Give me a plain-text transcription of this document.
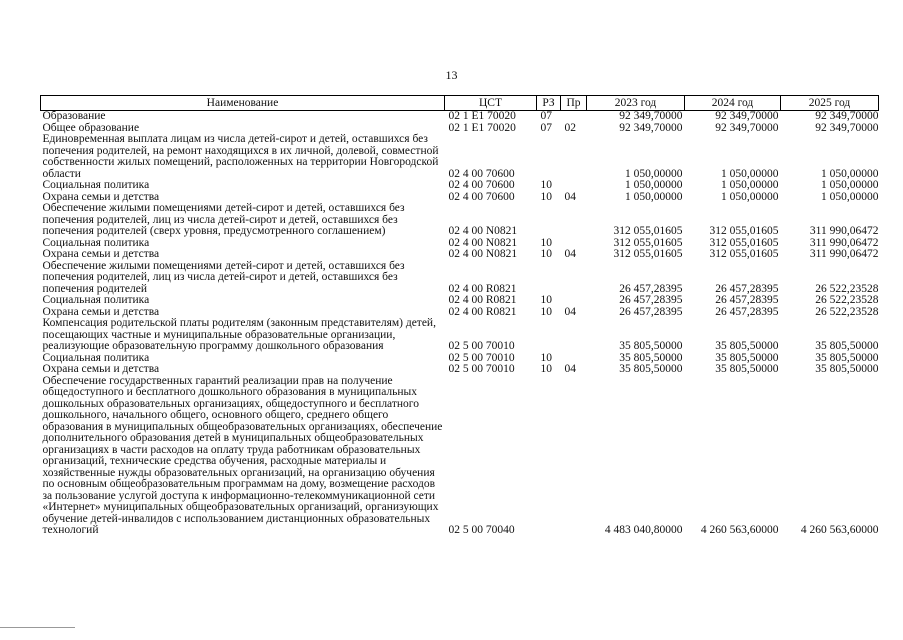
13
Наименование	ЦСТ	РЗ	Пр	2023 год	2024 год	2025 год
Образование	02 1 E1 70020	07		92 349,70000	92 349,70000	92 349,70000
Общее образование	02 1 E1 70020	07	02	92 349,70000	92 349,70000	92 349,70000
Единовременная выплата лицам из числа детей-сирот и детей, оставшихся без попечения родителей, на ремонт находящихся в их личной, долевой, совместной собственности жилых помещений, расположенных на территории Новгородской области	02 4 00 70600			1 050,00000	1 050,00000	1 050,00000
Социальная политика	02 4 00 70600	10		1 050,00000	1 050,00000	1 050,00000
Охрана семьи и детства	02 4 00 70600	10	04	1 050,00000	1 050,00000	1 050,00000
Обеспечение жилыми помещениями детей-сирот и детей, оставшихся без попечения родителей, лиц из числа детей-сирот и детей, оставшихся без попечения родителей (сверх уровня, предусмотренного соглашением)	02 4 00 N0821			312 055,01605	312 055,01605	311 990,06472
Социальная политика	02 4 00 N0821	10		312 055,01605	312 055,01605	311 990,06472
Охрана семьи и детства	02 4 00 N0821	10	04	312 055,01605	312 055,01605	311 990,06472
Обеспечение жилыми помещениями детей-сирот и детей, оставшихся без попечения родителей, лиц из числа детей-сирот и детей, оставшихся без попечения родителей	02 4 00 R0821			26 457,28395	26 457,28395	26 522,23528
Социальная политика	02 4 00 R0821	10		26 457,28395	26 457,28395	26 522,23528
Охрана семьи и детства	02 4 00 R0821	10	04	26 457,28395	26 457,28395	26 522,23528
Компенсация родительской платы родителям (законным представителям) детей, посещающих частные и муниципальные образовательные организации, реализующие образовательную программу дошкольного образования	02 5 00 70010			35 805,50000	35 805,50000	35 805,50000
Социальная политика	02 5 00 70010	10		35 805,50000	35 805,50000	35 805,50000
Охрана семьи и детства	02 5 00 70010	10	04	35 805,50000	35 805,50000	35 805,50000
Обеспечение государственных гарантий реализации прав на получение общедоступного и бесплатного дошкольного образования в муниципальных дошкольных образовательных организациях, общедоступного и бесплатного дошкольного, начального общего, основного общего, среднего общего образования в муниципальных общеобразовательных организациях, обеспечение дополнительного образования детей в муниципальных общеобразовательных организациях в части расходов на оплату труда работникам образовательных организаций, технические средства обучения, расходные материалы и хозяйственные нужды образовательных организаций, на организацию обучения по основным общеобразовательным программам на дому, возмещение расходов за пользование услугой доступа к информационно-телекоммуникационной сети «Интернет» муниципальных общеобразовательных организаций, организующих обучение детей-инвалидов с использованием дистанционных образовательных технологий	02 5 00 70040			4 483 040,80000	4 260 563,60000	4 260 563,60000
